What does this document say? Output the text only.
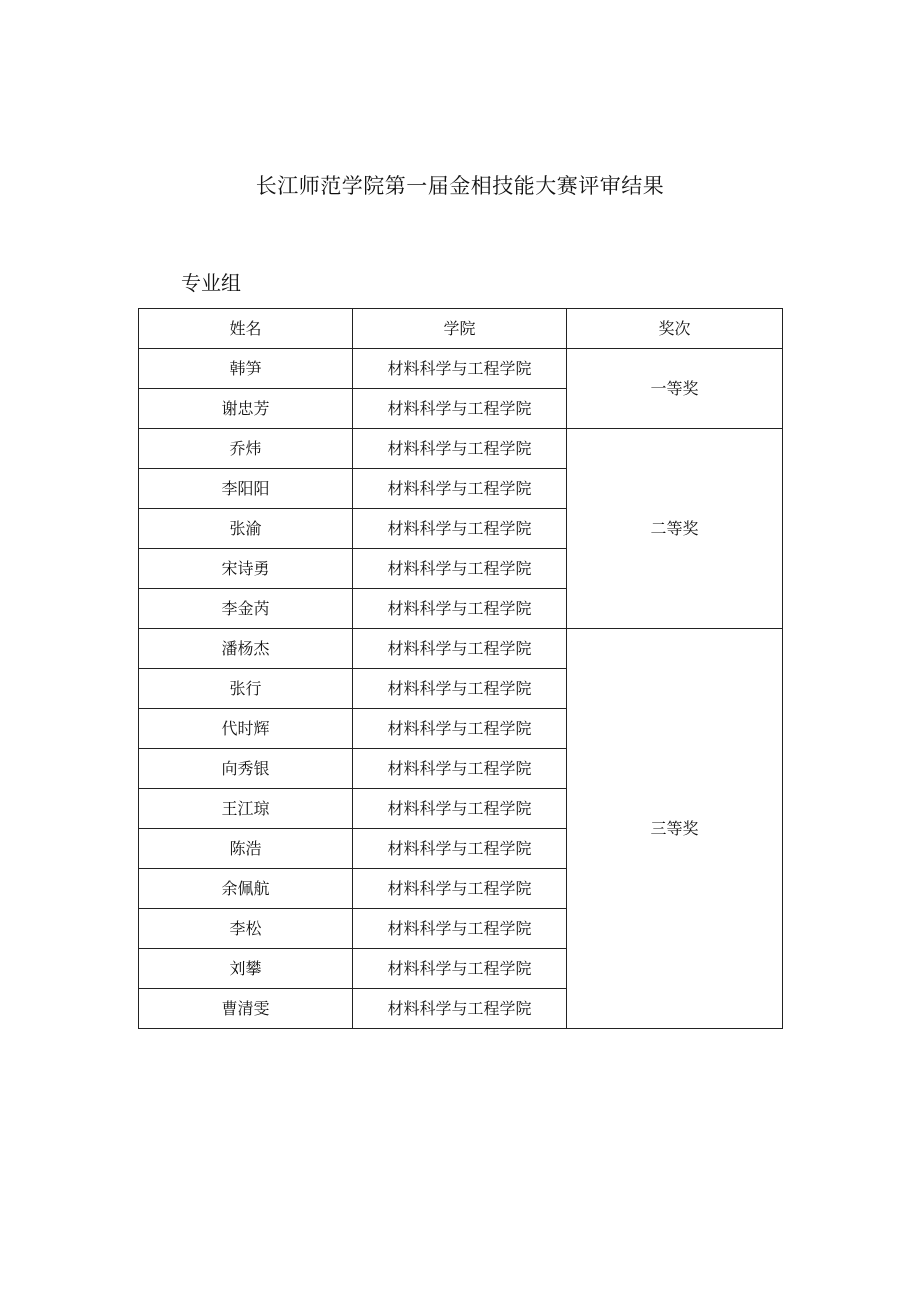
长江师范学院第一届金相技能大赛评审结果
专业组
姓名	学院	奖次
韩笋	材料科学与工程学院	一等奖
谢忠芳	材料科学与工程学院	
乔炜	材料科学与工程学院	二等奖
李阳阳	材料科学与工程学院	
张渝	材料科学与工程学院	
宋诗勇	材料科学与工程学院	
李金芮	材料科学与工程学院	
潘杨杰	材料科学与工程学院	三等奖
张行	材料科学与工程学院	
代时辉	材料科学与工程学院	
向秀银	材料科学与工程学院	
王江琼	材料科学与工程学院	
陈浩	材料科学与工程学院	
余佩航	材料科学与工程学院	
李松	材料科学与工程学院	
刘攀	材料科学与工程学院	
曹清雯	材料科学与工程学院	
